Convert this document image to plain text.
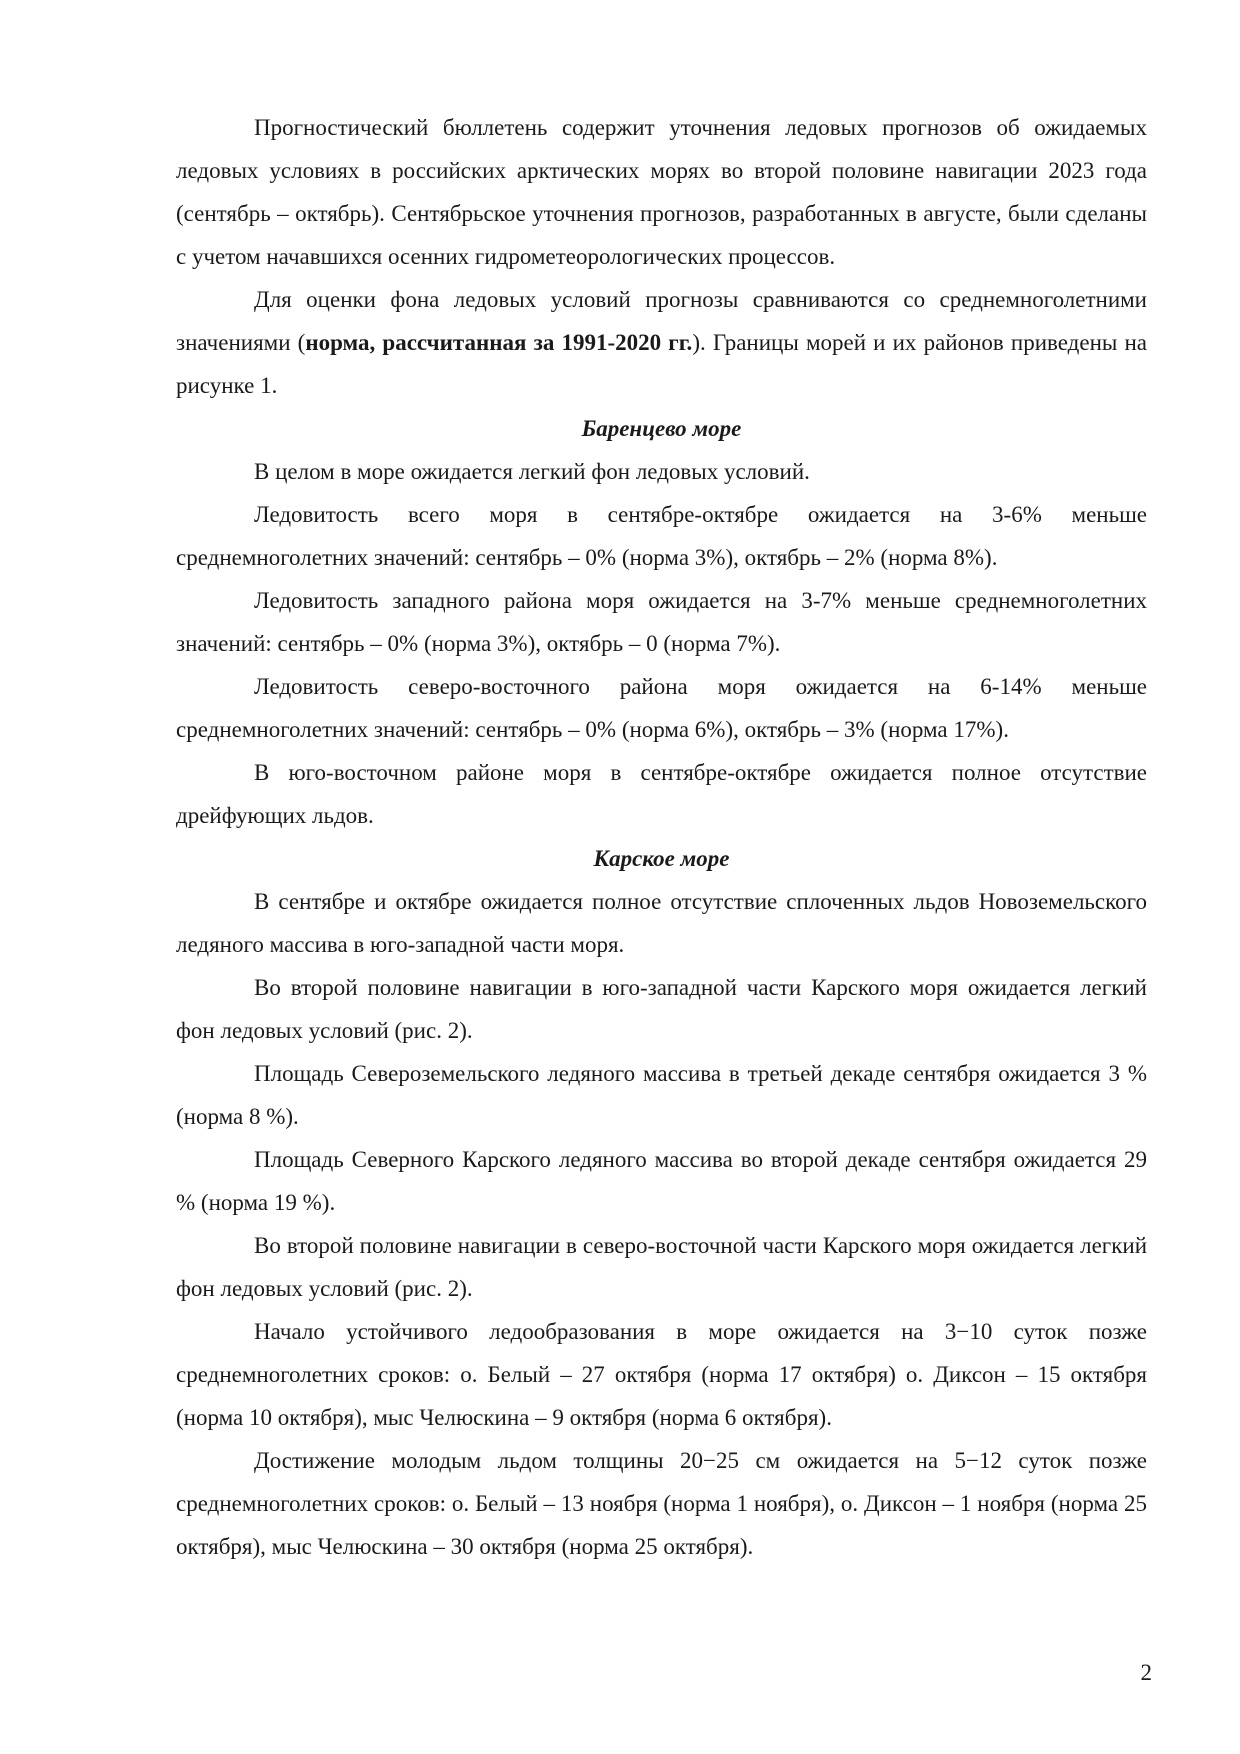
Прогностический бюллетень содержит уточнения ледовых прогнозов об ожидаемых ледовых условиях в российских арктических морях во второй половине навигации 2023 года (сентябрь – октябрь). Сентябрьское уточнения прогнозов, разработанных в августе, были сделаны с учетом начавшихся осенних гидрометеорологических процессов.

Для оценки фона ледовых условий прогнозы сравниваются со среднемноголетними значениями (норма, рассчитанная за 1991-2020 гг.). Границы морей и их районов приведены на рисунке 1.

Баренцево море

В целом в море ожидается легкий фон ледовых условий.

Ледовитость всего моря в сентябре-октябре ожидается на 3-6% меньше среднемноголетних значений: сентябрь – 0% (норма 3%), октябрь – 2% (норма 8%).

Ледовитость западного района моря ожидается на 3-7% меньше среднемноголетних значений: сентябрь – 0% (норма 3%), октябрь – 0 (норма 7%).

Ледовитость северо-восточного района моря ожидается на 6-14% меньше среднемноголетних значений: сентябрь – 0% (норма 6%), октябрь – 3% (норма 17%).

В юго-восточном районе моря в сентябре-октябре ожидается полное отсутствие дрейфующих льдов.

Карское море

В сентябре и октябре ожидается полное отсутствие сплоченных льдов Новоземельского ледяного массива в юго-западной части моря.

Во второй половине навигации в юго-западной части Карского моря ожидается легкий фон ледовых условий (рис. 2).

Площадь Североземельского ледяного массива в третьей декаде сентября ожидается 3 % (норма 8 %).

Площадь Северного Карского ледяного массива во второй декаде сентября ожидается 29 % (норма 19 %).

Во второй половине навигации в северо-восточной части Карского моря ожидается легкий фон ледовых условий (рис. 2).

Начало устойчивого ледообразования в море ожидается на 3−10 суток позже среднемноголетних сроков: о. Белый – 27 октября (норма 17 октября) о. Диксон – 15 октября (норма 10 октября), мыс Челюскина – 9 октября (норма 6 октября).

Достижение молодым льдом толщины 20−25 см ожидается на 5−12 суток позже среднемноголетних сроков: о. Белый – 13 ноября (норма 1 ноября), о. Диксон – 1 ноября (норма 25 октября), мыс Челюскина – 30 октября (норма 25 октября).

2
